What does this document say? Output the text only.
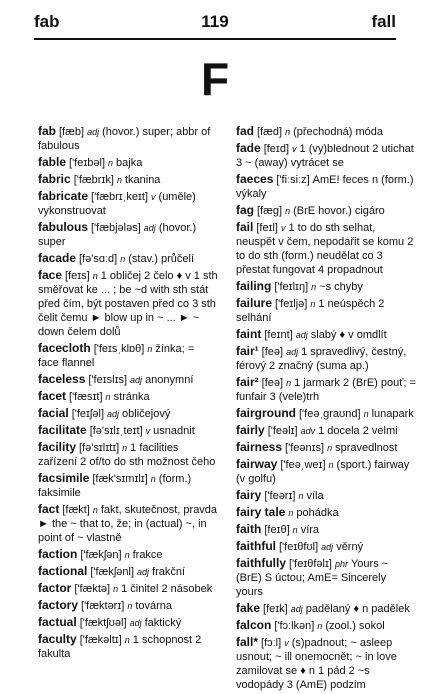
fab	119	fall
F
fab [fæb] adj (hovor.) super; abbr of fabulous
fable ['feɪbəl] n bajka
fabric ['fæbrɪk] n tkanina
fabricate ['fæbrɪˌkeɪt] v (uměle) vykonstruovat
fabulous ['fæbjələs] adj (hovor.) super
facade [fə'sɑːd] n (stav.) průčelí
face [feɪs] n 1 obličej 2 čelo ♦ v 1 sth směřovat ke ... ; be ~d with sth stát před čím, být postaven před co 3 sth čelit čemu ► blow up in ~ ... ► ~ down čelem dolů
facecloth ['feɪsˌklɒθ] n žínka; = face flannel
faceless ['feɪslɪs] adj anonymní
facet ['fæsɪt] n stránka
facial ['feɪʃəl] adj obličejový
facilitate [fə'sɪlɪˌteɪt] v usnadnit
facility [fə'sɪlɪtɪ] n 1 facilities zařízení 2 of/to do sth možnost čeho
facsimile [fæk'sɪmɪlɪ] n (form.) faksimile
fact [fækt] n fakt, skutečnost, pravda ► the ~ that to, že; in (actual) ~, in point of ~ vlastně
faction ['fækʃən] n frakce
factional ['fækʃənl] adj frakční
factor ['fæktə] n 1 činitel 2 násobek
factory ['fæktərɪ] n továrna
factual ['fæktʃʊəl] adj faktický
faculty ['fækəltɪ] n 1 schopnost 2 fakulta
fad [fæd] n (přechodná) móda
fade [feɪd] v 1 (vy)blednout 2 utichat 3 ~ (away) vytrácet se
faeces ['fiːsiːz] AmE! feces n (form.) výkaly
fag [fæg] n (BrE hovor.) cigáro
fail [feɪl] v 1 to do sth selhat, neuspět v čem, nepodařit se komu 2 to do sth (form.) neudělat co 3 přestat fungovat 4 propadnout
failing ['feɪlɪŋ] n ~s chyby
failure ['feɪljə] n 1 neúspěch 2 selhání
faint [feɪnt] adj slabý ♦ v omdlít
fair¹ [feə] adj 1 spravedlivý, čestný, férový 2 značný (suma ap.)
fair² [feə] n 1 jarmark 2 (BrE) pouť; = funfair 3 (vele)trh
fairground ['feəˌgraʊnd] n lunapark
fairly ['feəlɪ] adv 1 docela 2 velmi
fairness ['feənɪs] n spravedlnost
fairway ['feəˌweɪ] n (sport.) fairway (v golfu)
fairy ['feərɪ] n víla
fairy tale n pohádka
faith [feɪθ] n víra
faithful ['feɪθfʊl] adj věrný
faithfully ['feɪθfəlɪ] phr Yours ~ (BrE) S úctou; AmE= Sincerely yours
fake [feɪk] adj padělaný ♦ n padělek
falcon ['fɔːlkən] n (zool.) sokol
fall* [fɔːl] v (s)padnout; ~ asleep usnout; ~ ill onemocnět; ~ in love zamilovat se ♦ n 1 pád 2 ~s vodopády 3 (AmE) podzim
